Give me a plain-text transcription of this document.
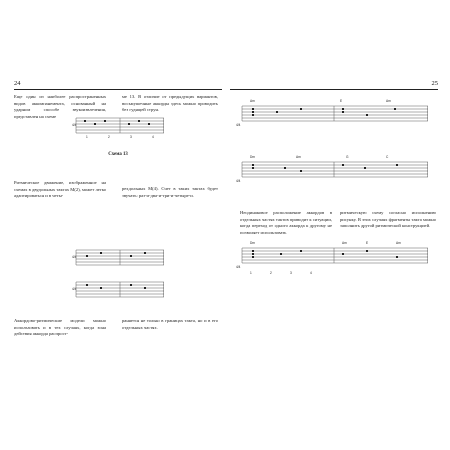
24

Еще один из наиболее распространенных видов аккомпанемента, основанный на ударном способе звукоизвлечения, представлен на схеме

ме 13. В отличие от предыдущих вариантов, восьмушечные аккорды здесь можно проводить без гудящей струн.

4/4
1	2	3	4
Схема 13

Ритмическое движение, изображенное на схемах в двудольных тактах М(2), может легко адаптироваться и в четы-

рехдольных М(4). Счет в таких тактах будет звучать: раз-и-два-и-три-и-четыре-и.

4/4
4/4

Аккордово-ритмические модели можно использовать и в тех случаях, когда зона действия аккорда распрост-

раняется не только в границах такта, но и в его отдельных частях.

25
Am	E	Am
4/4
Dm	Am	G	C
4/4

Неодинаковое расположение аккордов в отдельных частях тактов приводит к ситуации, когда переход от одного аккорда к другому не позволяет использовать

ритмическую схему согласно исполнению рисунку. В этих случаях фрагменты такта можно заполнить другой ритмической конструкцией.

Dm	Am	E	Am
4/4
1	2	3	4
